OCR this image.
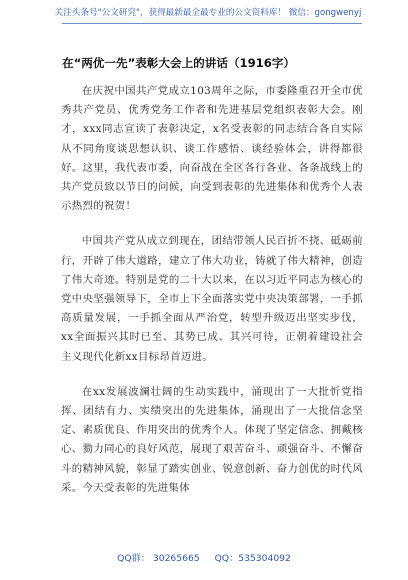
关注头条号"公文研究"，获得最新最全最专业的公文资料库！ 微信：gongwenyj
在“两优一先”表彰大会上的讲话（1916字）

在庆祝中国共产党成立103周年之际，市委隆重召开全市优秀共产党员、优秀党务工作者和先进基层党组织表彰大会。刚才，xxx同志宣读了表彰决定，x名受表彰的同志结合各自实际从不同角度谈思想认识、谈工作感悟、谈经验体会，讲得都很好。这里，我代表市委，向奋战在全区各行各业、各条战线上的共产党员致以节日的问候，向受到表彰的先进集体和优秀个人表示热烈的祝贺！

中国共产党从成立到现在，团结带领人民百折不挠、砥砺前行，开辟了伟大道路，建立了伟大功业，铸就了伟大精神，创造了伟大奇迹。特别是党的二十大以来，在以习近平同志为核心的党中央坚强领导下，全市上下全面落实党中央决策部署，一手抓高质量发展，一手抓全面从严治党，转型升级迈出坚实步伐，xx全面振兴其时已至、其势已成、其兴可待，正朝着建设社会主义现代化新xx目标昂首迈进。

在xx发展波澜壮阔的生动实践中，涌现出了一大批忻党指挥、团结有力、实绩突出的先进集体，涌现出了一大批信念坚定、素质优良、作用突出的优秀个人。体现了坚定信念、拥戴核心、勠力同心的良好风范，展现了艰苦奋斗、顽强奋斗、不懈奋斗的精神风貌，彰显了踏实创业、锐意创新、奋力创优的时代风采。今天受表彰的先进集体

QQ群： 30265665 QQ：535304092
